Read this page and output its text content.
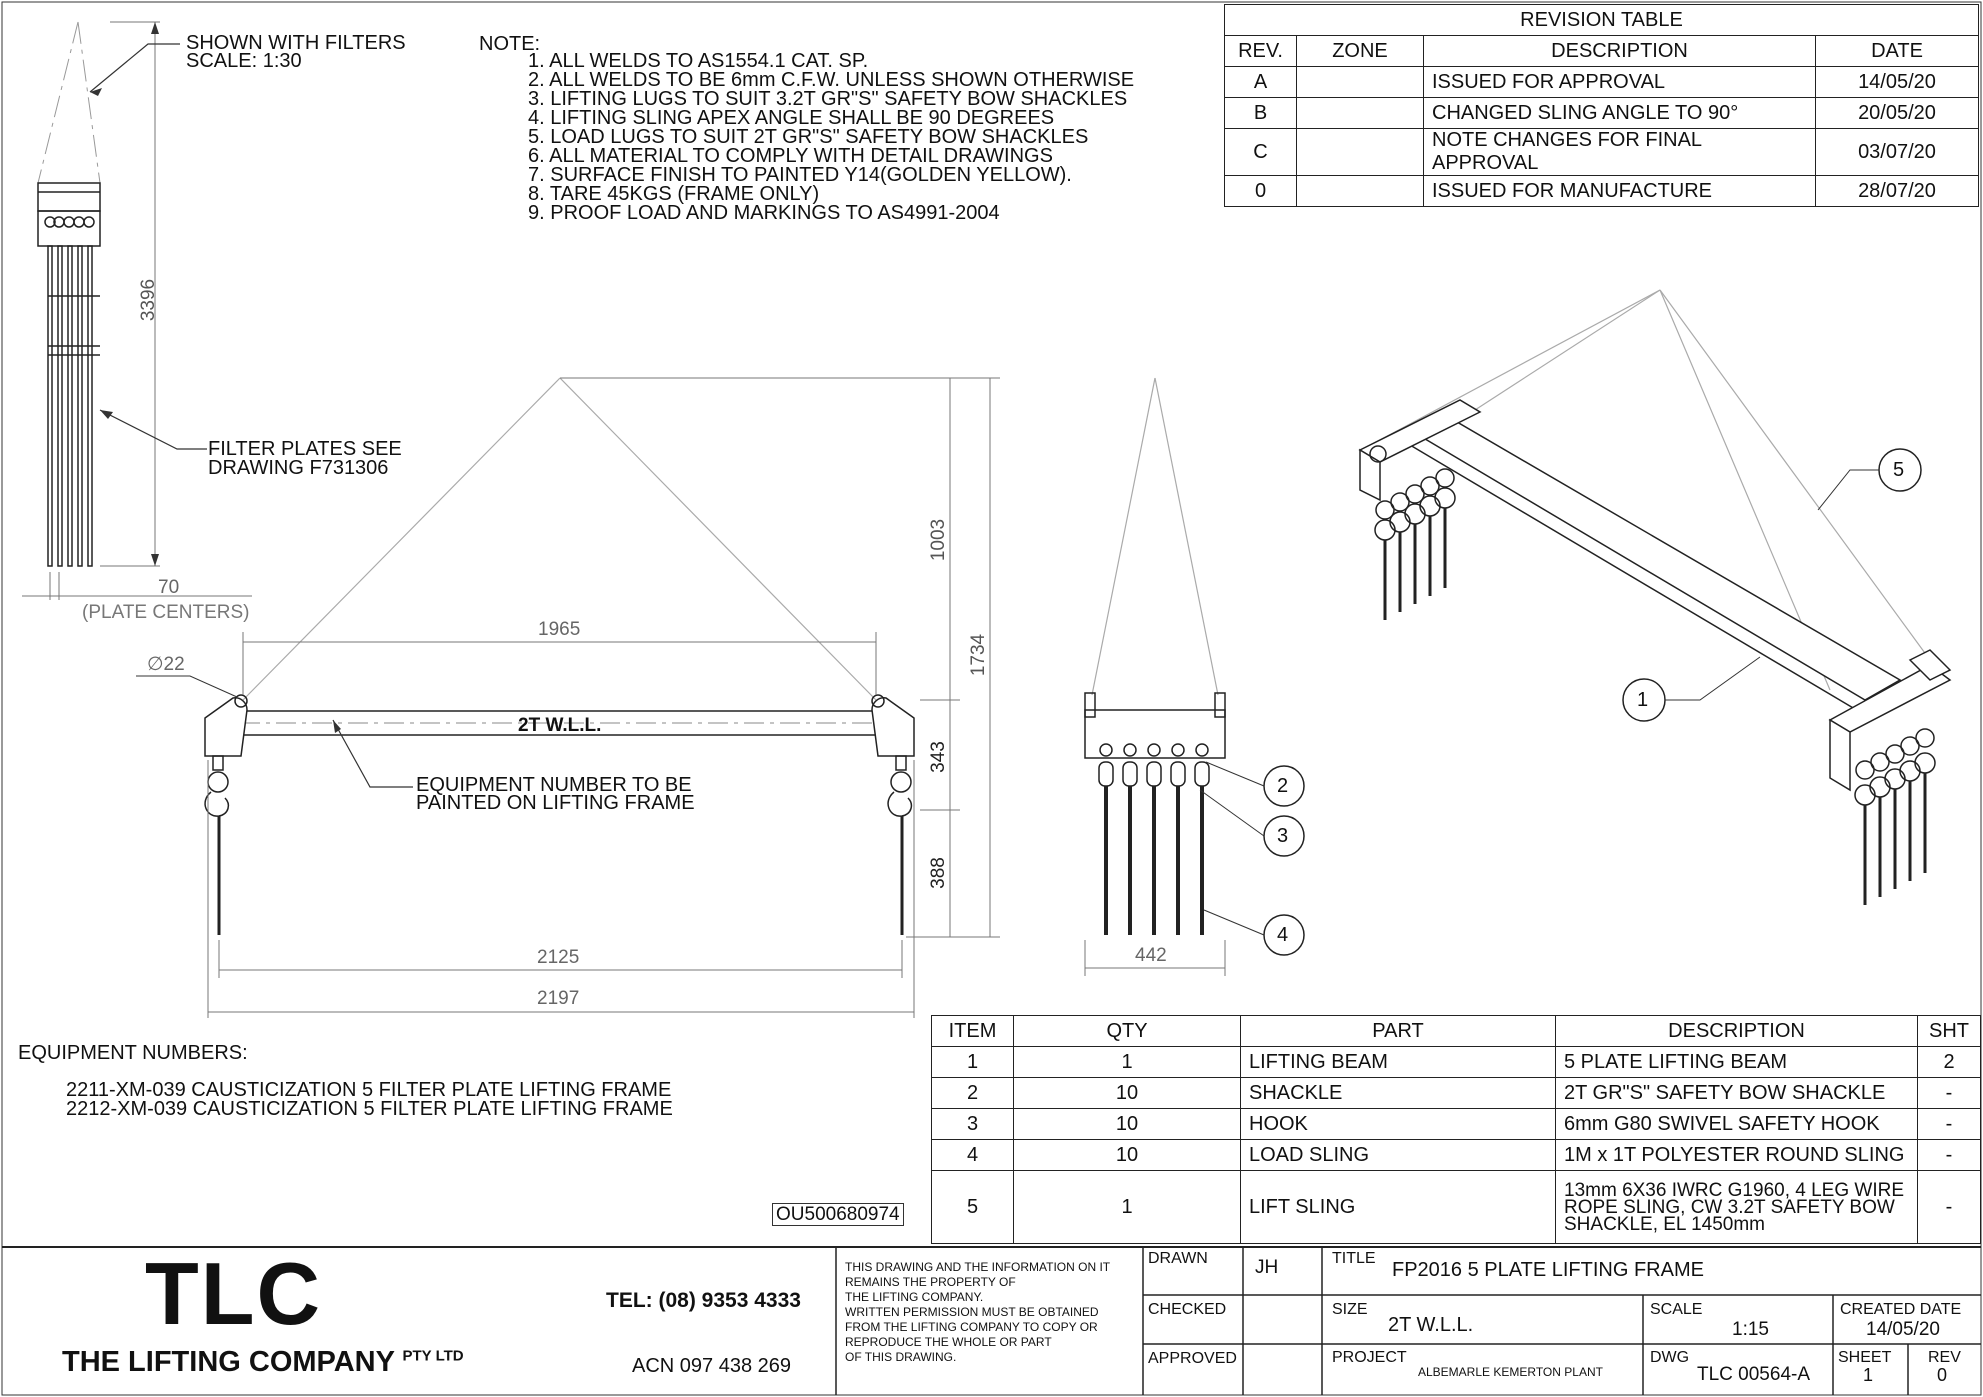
3396
1003
1734
343
388
SHOWN WITH FILTERS
SCALE: 1:30
FILTER PLATES SEE
DRAWING F731306
70
(PLATE CENTERS)
NOTE:
1. ALL WELDS TO AS1554.1 CAT. SP.
2. ALL WELDS TO BE 6mm C.F.W. UNLESS SHOWN OTHERWISE
3. LIFTING LUGS TO SUIT 3.2T GR"S" SAFETY BOW SHACKLES
4. LIFTING SLING APEX ANGLE SHALL BE 90 DEGREES
5. LOAD LUGS TO SUIT 2T GR"S" SAFETY BOW SHACKLES
6. ALL MATERIAL TO COMPLY WITH DETAIL DRAWINGS
7. SURFACE FINISH TO PAINTED Y14(GOLDEN YELLOW).
8. TARE 45KGS (FRAME ONLY)
9. PROOF LOAD AND MARKINGS TO AS4991-2004
REVISION TABLE			
REV.	ZONE	DESCRIPTION	DATE
A		ISSUED FOR APPROVAL	14/05/20
B		CHANGED SLING ANGLE TO 90°	20/05/20
C		NOTE CHANGES FOR FINAL APPROVAL	03/07/20
0		ISSUED FOR MANUFACTURE	28/07/20
1965
∅22
2T W.L.L.
EQUIPMENT NUMBER TO BE
PAINTED ON LIFTING FRAME
2125
2197
442
2
3
4
5
1
EQUIPMENT NUMBERS:
2211-XM-039 CAUSTICIZATION 5 FILTER PLATE LIFTING FRAME
2212-XM-039 CAUSTICIZATION 5 FILTER PLATE LIFTING FRAME
OU500680974
ITEM	QTY	PART	DESCRIPTION	SHT
1	1	LIFTING BEAM	5 PLATE LIFTING BEAM	2
2	10	SHACKLE	2T GR"S" SAFETY BOW SHACKLE	-
3	10	HOOK	6mm G80 SWIVEL SAFETY HOOK	-
4	10	LOAD SLING	1M x 1T POLYESTER ROUND SLING	-
5	1	LIFT SLING	13mm 6X36 IWRC G1960, 4 LEG WIRE ROPE SLING, CW 3.2T SAFETY BOW SHACKLE, EL 1450mm	-
TLC
THE LIFTING COMPANY $^{PTY LTD}$
TEL: (08) 9353 4333
ACN 097 438 269
THIS DRAWING AND THE INFORMATION ON IT
REMAINS THE PROPERTY OF
THE LIFTING COMPANY.
WRITTEN PERMISSION MUST BE OBTAINED
FROM THE LIFTING COMPANY TO COPY OR
REPRODUCE THE WHOLE OR PART
OF THIS DRAWING.
DRAWN JH
CHECKED
APPROVED
TITLE
FP2016 5 PLATE LIFTING FRAME
SIZE
2T W.L.L.
SCALE
1:15
CREATED DATE
14/05/20
PROJECT
ALBEMARLE KEMERTON PLANT
DWG
TLC 00564-A
SHEET
1
REV
0
